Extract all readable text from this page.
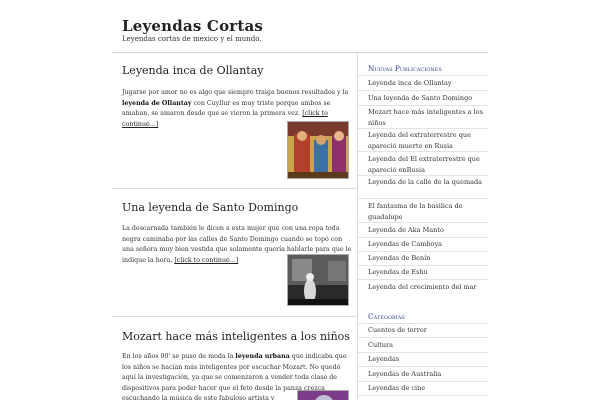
Leyendas Cortas
Leyendas cortas de mexico y el mundo.
Leyenda inca de Ollantay
Jugarse por amor no es algo que siempre traiga buenos resultados y la leyenda de Ollantay con Cuyllur es muy triste porque ambos se amaban, se amaron desde que se vieron la primera vez. [click to continue...]
Una leyenda de Santo Domingo
La descarnada también le dicen a esta mujer que con una ropa toda negra caminaba por las calles de Santo Domingo cuando se topó con una señora muy bien vestida que solamente quería hablarle para que le indique la hora. [click to continue...]
Mozart hace más inteligentes a los niños
En los años 90' se puso de moda la leyenda urbana que indicaba que los niños se hacían más inteligentes por escuchar Mozart. No quedó aquí la investigación, ya que se comenzaron a vender toda clase de dispositivos para poder hacer que el feto desde la panza crezca escuchando la música de este fabuloso artista y
Nuevas Publicaciones
Leyenda inca de Ollantay
Una leyenda de Santo Domingo
Mozart hace más inteligentes a los niños
Leyenda del extraterrestre que apareció muerto en Rusia
Leyenda del El extraterrestre que apareció enRusia
Leyenda de la calle de la quemada
El fantasma de la basilica de guadalupe
Leyenda de Aka Manto
Leyendas de Camboya
Leyendas de Benín
Leyendas de Eshu
Leyenda del crecimiento del mar
Categorías
Cuentos de terror
Cultura
Leyendas
Leyendas de Australia
Leyendas de cine
